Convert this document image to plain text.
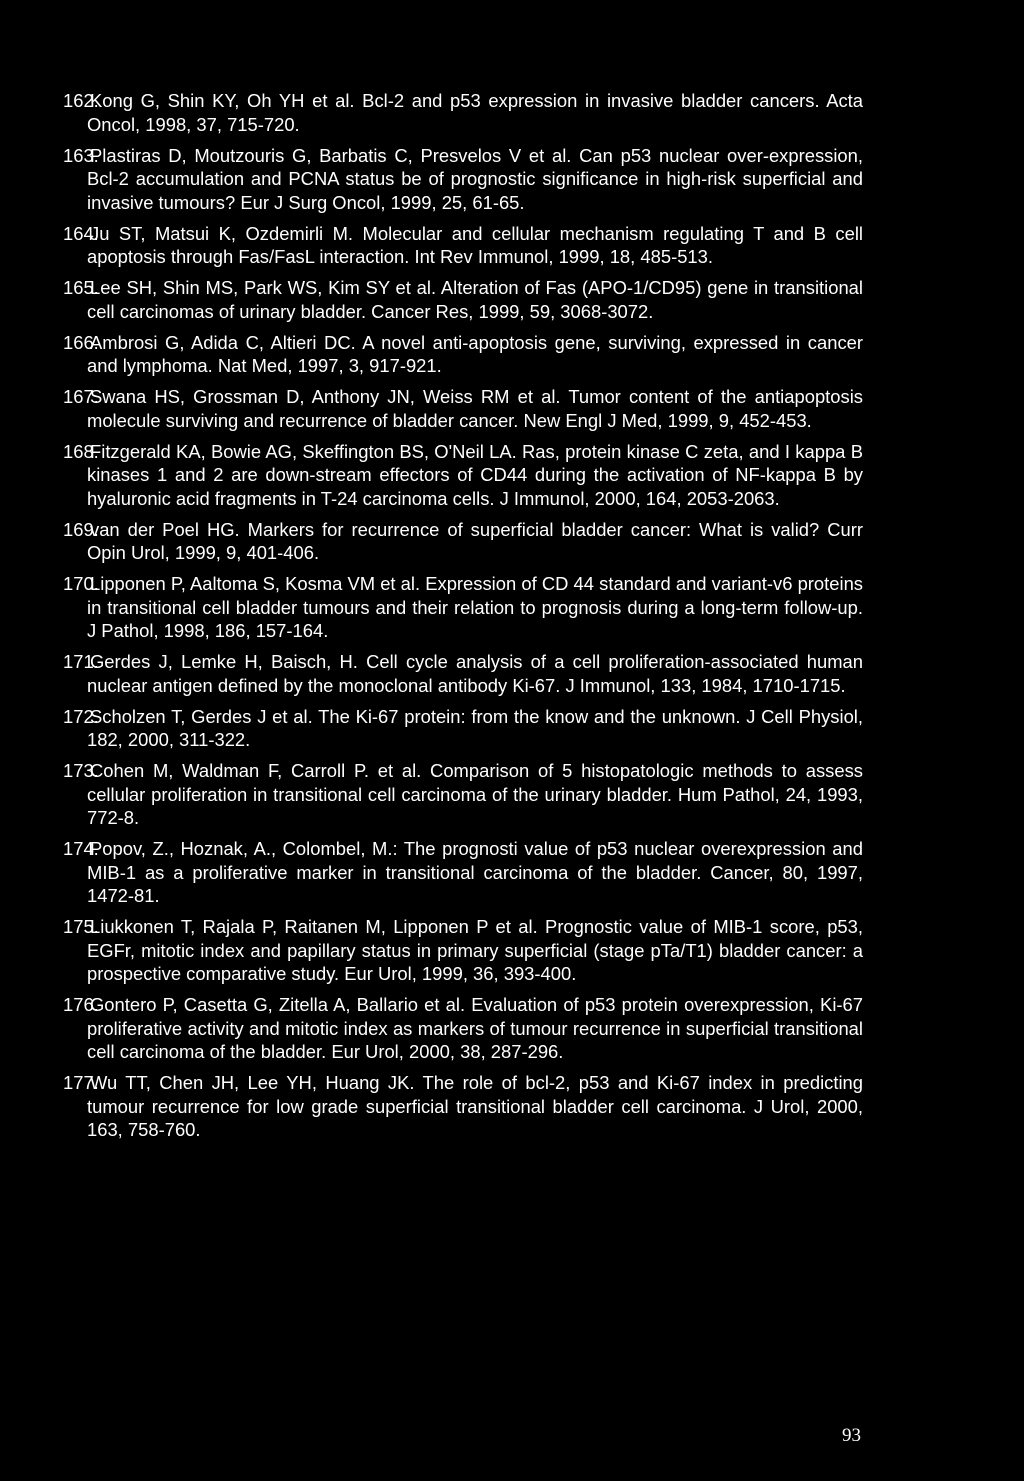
162.Kong G, Shin KY, Oh YH et al. Bcl-2 and p53 expression in invasive bladder cancers. Acta Oncol, 1998, 37, 715-720.

163.Plastiras D, Moutzouris G, Barbatis C, Presvelos V et al. Can p53 nuclear over-expression, Bcl-2 accumulation and PCNA status be of prognostic significance in high-risk superficial and invasive tumours? Eur J Surg Oncol, 1999, 25, 61-65.

164.Ju ST, Matsui K, Ozdemirli M. Molecular and cellular mechanism regulating T and B cell apoptosis through Fas/FasL interaction. Int Rev Immunol, 1999, 18, 485-513.

165.Lee SH, Shin MS, Park WS, Kim SY et al. Alteration of Fas (APO-1/CD95) gene in transitional cell carcinomas of urinary bladder. Cancer Res, 1999, 59, 3068-3072.

166.Ambrosi G, Adida C, Altieri DC. A novel anti-apoptosis gene, surviving, expressed in cancer and lymphoma. Nat Med, 1997, 3, 917-921.

167.Swana HS, Grossman D, Anthony JN, Weiss RM et al. Tumor content of the antiapoptosis molecule surviving and recurrence of bladder cancer. New Engl J Med, 1999, 9, 452-453.

168.Fitzgerald KA, Bowie AG, Skeffington BS, O'Neil LA. Ras, protein kinase C zeta, and I kappa B kinases 1 and 2 are down-stream effectors of CD44 during the activation of NF-kappa B by hyaluronic acid fragments in T-24 carcinoma cells. J Immunol, 2000, 164, 2053-2063.

169.van der Poel HG. Markers for recurrence of superficial bladder cancer: What is valid? Curr Opin Urol, 1999, 9, 401-406.

170.Lipponen P, Aaltoma S, Kosma VM et al. Expression of CD 44 standard and variant-v6 proteins in transitional cell bladder tumours and their relation to prognosis during a long-term follow-up. J Pathol, 1998, 186, 157-164.

171.Gerdes J, Lemke H, Baisch, H. Cell cycle analysis of a cell proliferation-associated human nuclear antigen defined by the monoclonal antibody Ki-67. J Immunol, 133, 1984, 1710-1715.

172.Scholzen T, Gerdes J et al. The Ki-67 protein: from the know and the unknown. J Cell Physiol, 182, 2000, 311-322.

173.Cohen M, Waldman F, Carroll P. et al. Comparison of 5 histopatologic methods to assess cellular proliferation in transitional cell carcinoma of the urinary bladder. Hum Pathol, 24, 1993, 772-8.

174.Popov, Z., Hoznak, A., Colombel, M.: The prognosti value of p53 nuclear overexpression and MIB-1 as a proliferative marker in transitional carcinoma of the bladder. Cancer, 80, 1997, 1472-81.

175.Liukkonen T, Rajala P, Raitanen M, Lipponen P et al. Prognostic value of MIB-1 score, p53, EGFr, mitotic index and papillary status in primary superficial (stage pTa/T1) bladder cancer: a prospective comparative study. Eur Urol, 1999, 36, 393-400.

176.Gontero P, Casetta G, Zitella A, Ballario et al. Evaluation of p53 protein overexpression, Ki-67 proliferative activity and mitotic index as markers of tumour recurrence in superficial transitional cell carcinoma of the bladder. Eur Urol, 2000, 38, 287-296.

177.Wu TT, Chen JH, Lee YH, Huang JK. The role of bcl-2, p53 and Ki-67 index in predicting tumour recurrence for low grade superficial transitional bladder cell carcinoma. J Urol, 2000, 163, 758-760.

93
